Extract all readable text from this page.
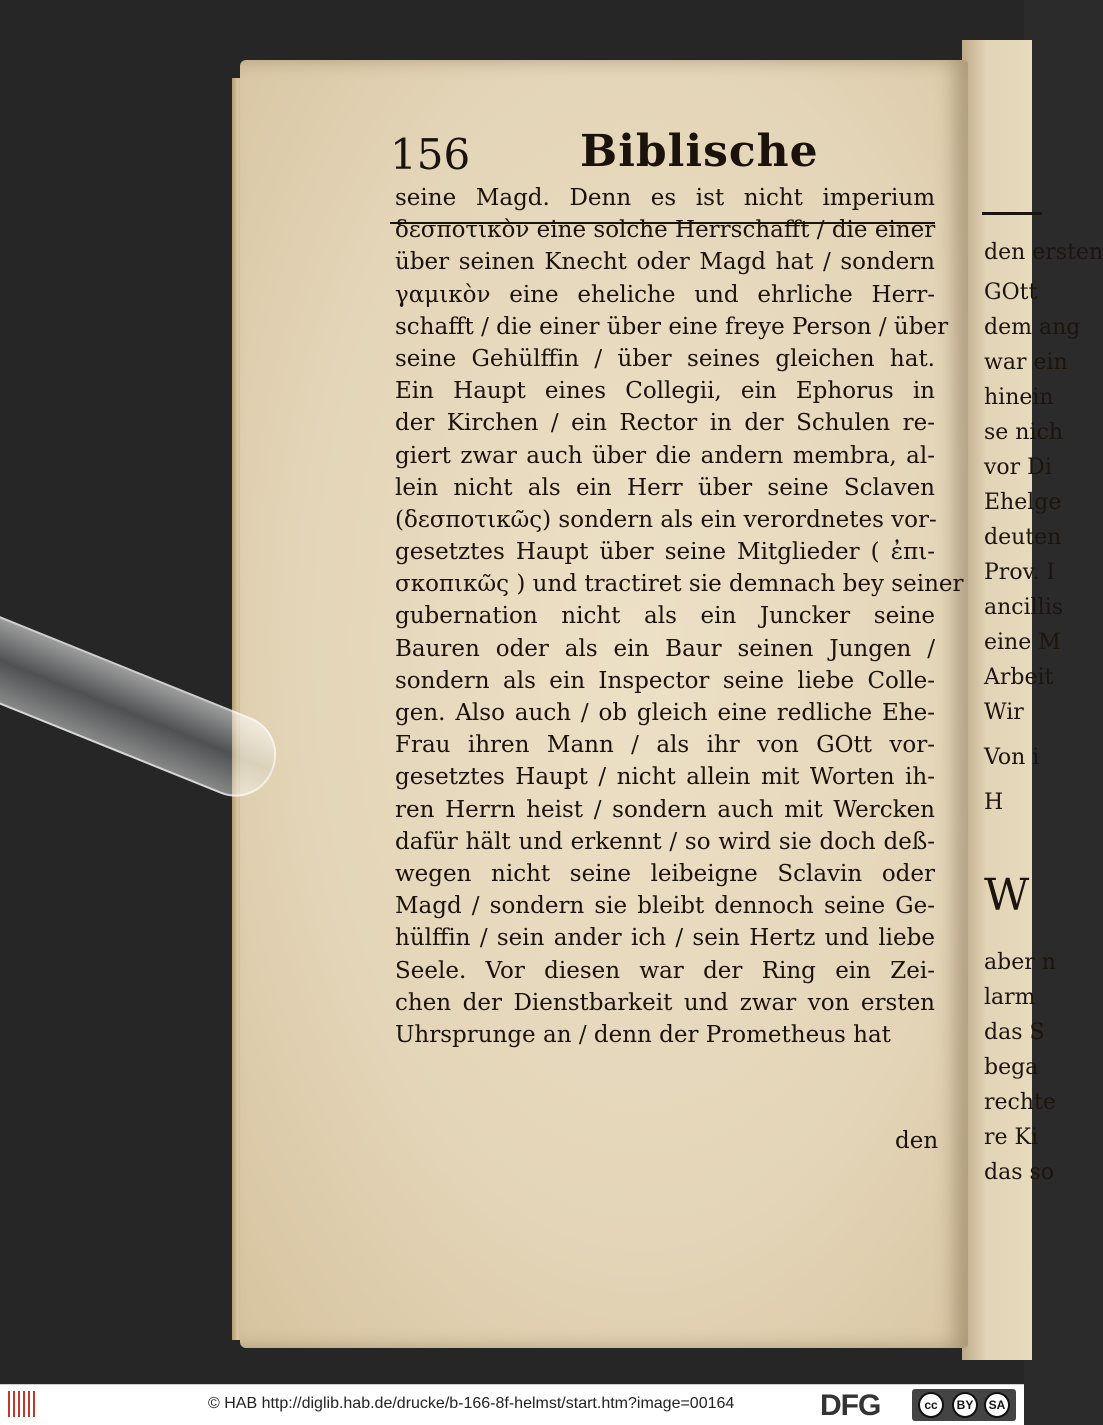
den ersten
GOtt
dem ang
war ein
hinein
se nich
vor Di
Ehelge
deuten
Prov. I
ancillis
eine M
Arbeit
Wir
Von i
H
W
aber n
larm
das S
bega
rechte
re Ki
das so
156 Biblische
seine Magd. Denn es ist nicht imperium
δεσποτικὸν eine solche Herrschafft / die einer
über seinen Knecht oder Magd hat / sondern
γαμικὸν eine eheliche und ehrliche Herr-
schafft / die einer über eine freye Person / über
seine Gehülffin / über seines gleichen hat.
Ein Haupt eines Collegii, ein Ephorus in
der Kirchen / ein Rector in der Schulen re-
giert zwar auch über die andern membra, al-
lein nicht als ein Herr über seine Sclaven
(δεσποτικῶς) sondern als ein verordnetes vor-
gesetztes Haupt über seine Mitglieder ( ἐπι-
σκοπικῶς ) und tractiret sie demnach bey seiner
gubernation nicht als ein Juncker seine
Bauren oder als ein Baur seinen Jungen /
sondern als ein Inspector seine liebe Colle-
gen. Also auch / ob gleich eine redliche Ehe-
Frau ihren Mann / als ihr von GOtt vor-
gesetztes Haupt / nicht allein mit Worten ih-
ren Herrn heist / sondern auch mit Wercken
dafür hält und erkennt / so wird sie doch deß-
wegen nicht seine leibeigne Sclavin oder
Magd / sondern sie bleibt dennoch seine Ge-
hülffin / sein ander ich / sein Hertz und liebe
Seele. Vor diesen war der Ring ein Zei-
chen der Dienstbarkeit und zwar von ersten
Uhrsprunge an / denn der Prometheus hat
den
© HAB http://diglib.hab.de/drucke/b-166-8f-helmst/start.htm?image=00164	DFG	cc	BY	SA
